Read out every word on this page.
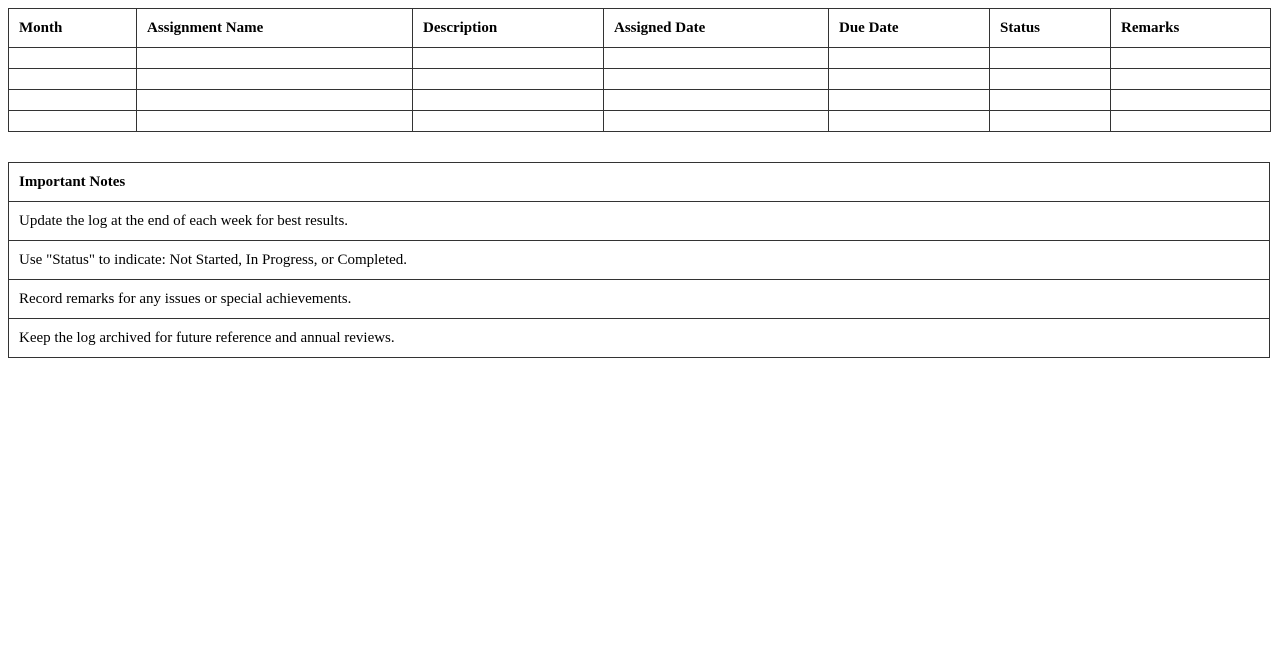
Month	Assignment Name	Description	Assigned Date	Due Date	Status	Remarks

Important Notes
Update the log at the end of each week for best results.
Use "Status" to indicate: Not Started, In Progress, or Completed.
Record remarks for any issues or special achievements.
Keep the log archived for future reference and annual reviews.
